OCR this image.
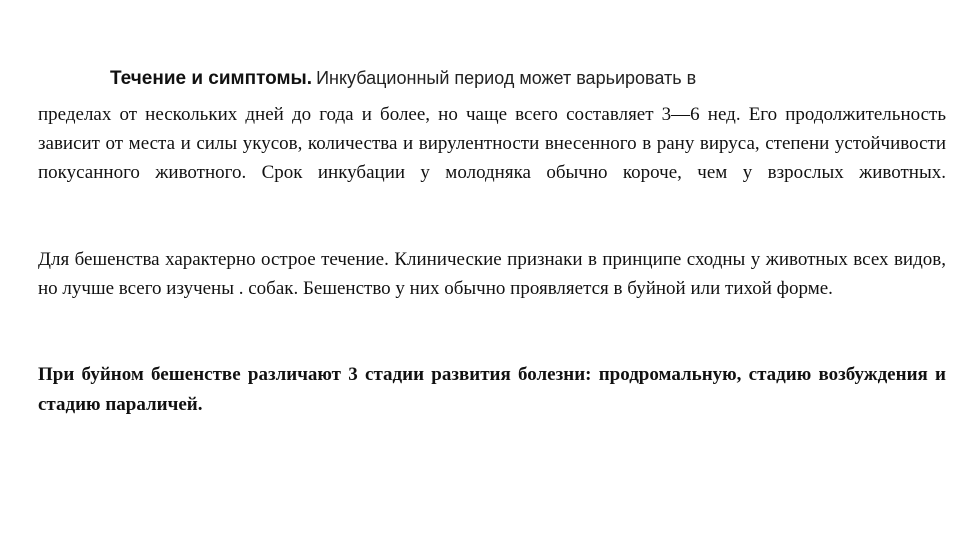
Течение и симптомы. Инкубационный период может варьировать в
пределах от нескольких дней до года и более, но чаще всего составляет 3—6 нед. Его продолжительность зависит от места и силы укусов, количества и вирулентности внесенного в рану вируса, степени устойчивости покусанного животного. Срок инкубации у молодняка обычно короче, чем у взрослых животных.
Для бешенства характерно острое течение. Клинические признаки в принципе сходны у животных всех видов, но лучше всего изучены . собак. Бешенство у них обычно проявляется в буйной или тихой форме.
При буйном бешенстве различают 3 стадии развития болезни: продромальную, стадию возбуждения и стадию параличей.
